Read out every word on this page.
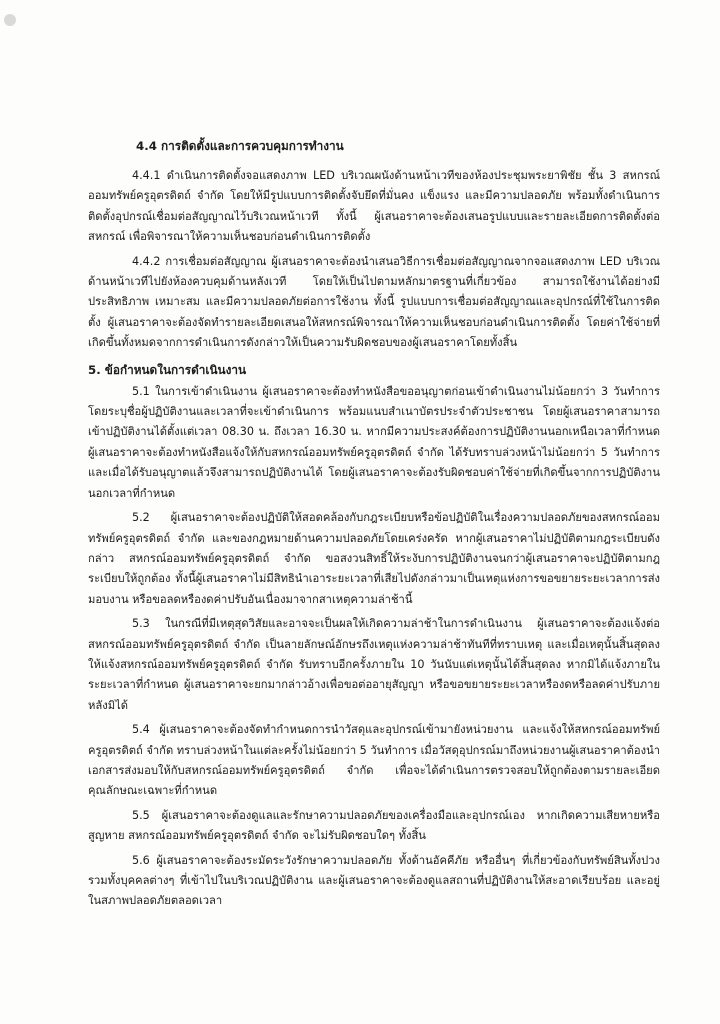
4.4 การติดตั้งและการควบคุมการทำงาน

4.4.1 ดำเนินการติดตั้งจอแสดงภาพ LED บริเวณผนังด้านหน้าเวทีของห้องประชุมพระยาพิชัย ชั้น 3 สหกรณ์ออมทรัพย์ครูอุตรดิตถ์ จำกัด โดยให้มีรูปแบบการติดตั้งจับยึดที่มั่นคง แข็งแรง และมีความปลอดภัย พร้อมทั้งดำเนินการติดตั้งอุปกรณ์เชื่อมต่อสัญญาณไว้บริเวณหน้าเวที ทั้งนี้ ผู้เสนอราคาจะต้องเสนอรูปแบบและรายละเอียดการติดตั้งต่อสหกรณ์ เพื่อพิจารณาให้ความเห็นชอบก่อนดำเนินการติดตั้ง

4.4.2 การเชื่อมต่อสัญญาณ ผู้เสนอราคาจะต้องนำเสนอวิธีการเชื่อมต่อสัญญาณจากจอแสดงภาพ LED บริเวณด้านหน้าเวทีไปยังห้องควบคุมด้านหลังเวที โดยให้เป็นไปตามหลักมาตรฐานที่เกี่ยวข้อง สามารถใช้งานได้อย่างมีประสิทธิภาพ เหมาะสม และมีความปลอดภัยต่อการใช้งาน ทั้งนี้ รูปแบบการเชื่อมต่อสัญญาณและอุปกรณ์ที่ใช้ในการติดตั้ง ผู้เสนอราคาจะต้องจัดทำรายละเอียดเสนอให้สหกรณ์พิจารณาให้ความเห็นชอบก่อนดำเนินการติดตั้ง โดยค่าใช้จ่ายที่เกิดขึ้นทั้งหมดจากการดำเนินการดังกล่าวให้เป็นความรับผิดชอบของผู้เสนอราคาโดยทั้งสิ้น

5. ข้อกำหนดในการดำเนินงาน

5.1 ในการเข้าดำเนินงาน ผู้เสนอราคาจะต้องทำหนังสือขออนุญาตก่อนเข้าดำเนินงานไม่น้อยกว่า 3 วันทำการ โดยระบุชื่อผู้ปฏิบัติงานและเวลาที่จะเข้าดำเนินการ พร้อมแนบสำเนาบัตรประจำตัวประชาชน โดยผู้เสนอราคาสามารถเข้าปฏิบัติงานได้ตั้งแต่เวลา 08.30 น. ถึงเวลา 16.30 น. หากมีความประสงค์ต้องการปฏิบัติงานนอกเหนือเวลาที่กำหนด ผู้เสนอราคาจะต้องทำหนังสือแจ้งให้กับสหกรณ์ออมทรัพย์ครูอุตรดิตถ์ จำกัด ได้รับทราบล่วงหน้าไม่น้อยกว่า 5 วันทำการ และเมื่อได้รับอนุญาตแล้วจึงสามารถปฏิบัติงานได้ โดยผู้เสนอราคาจะต้องรับผิดชอบค่าใช้จ่ายที่เกิดขึ้นจากการปฏิบัติงานนอกเวลาที่กำหนด

5.2 ผู้เสนอราคาจะต้องปฏิบัติให้สอดคล้องกับกฎระเบียบหรือข้อปฏิบัติในเรื่องความปลอดภัยของสหกรณ์ออมทรัพย์ครูอุตรดิตถ์ จำกัด และของกฎหมายด้านความปลอดภัยโดยเคร่งครัด หากผู้เสนอราคาไม่ปฏิบัติตามกฎระเบียบดังกล่าว สหกรณ์ออมทรัพย์ครูอุตรดิตถ์ จำกัด ขอสงวนสิทธิ์ให้ระงับการปฏิบัติงานจนกว่าผู้เสนอราคาจะปฏิบัติตามกฎระเบียบให้ถูกต้อง ทั้งนี้ผู้เสนอราคาไม่มีสิทธินำเอาระยะเวลาที่เสียไปดังกล่าวมาเป็นเหตุแห่งการขอขยายระยะเวลาการส่งมอบงาน หรือขอลดหรืองดค่าปรับอันเนื่องมาจากสาเหตุความล่าช้านี้

5.3 ในกรณีที่มีเหตุสุดวิสัยและอาจจะเป็นผลให้เกิดความล่าช้าในการดำเนินงาน ผู้เสนอราคาจะต้องแจ้งต่อสหกรณ์ออมทรัพย์ครูอุตรดิตถ์ จำกัด เป็นลายลักษณ์อักษรถึงเหตุแห่งความล่าช้าทันทีที่ทราบเหตุ และเมื่อเหตุนั้นสิ้นสุดลงให้แจ้งสหกรณ์ออมทรัพย์ครูอุตรดิตถ์ จำกัด รับทราบอีกครั้งภายใน 10 วันนับแต่เหตุนั้นได้สิ้นสุดลง หากมิได้แจ้งภายในระยะเวลาที่กำหนด ผู้เสนอราคาจะยกมากล่าวอ้างเพื่อขอต่ออายุสัญญา หรือขอขยายระยะเวลาหรืองดหรือลดค่าปรับภายหลังมิได้

5.4 ผู้เสนอราคาจะต้องจัดทำกำหนดการนำวัสดุและอุปกรณ์เข้ามายังหน่วยงาน และแจ้งให้สหกรณ์ออมทรัพย์ครูอุตรดิตถ์ จำกัด ทราบล่วงหน้าในแต่ละครั้งไม่น้อยกว่า 5 วันทำการ เมื่อวัสดุอุปกรณ์มาถึงหน่วยงานผู้เสนอราคาต้องนำเอกสารส่งมอบให้กับสหกรณ์ออมทรัพย์ครูอุตรดิตถ์ จำกัด เพื่อจะได้ดำเนินการตรวจสอบให้ถูกต้องตามรายละเอียดคุณลักษณะเฉพาะที่กำหนด

5.5 ผู้เสนอราคาจะต้องดูแลและรักษาความปลอดภัยของเครื่องมือและอุปกรณ์เอง หากเกิดความเสียหายหรือสูญหาย สหกรณ์ออมทรัพย์ครูอุตรดิตถ์ จำกัด จะไม่รับผิดชอบใดๆ ทั้งสิ้น

5.6 ผู้เสนอราคาจะต้องระมัดระวังรักษาความปลอดภัย ทั้งด้านอัคคีภัย หรืออื่นๆ ที่เกี่ยวข้องกับทรัพย์สินทั้งปวง รวมทั้งบุคคลต่างๆ ที่เข้าไปในบริเวณปฏิบัติงาน และผู้เสนอราคาจะต้องดูแลสถานที่ปฏิบัติงานให้สะอาดเรียบร้อย และอยู่ในสภาพปลอดภัยตลอดเวลา
